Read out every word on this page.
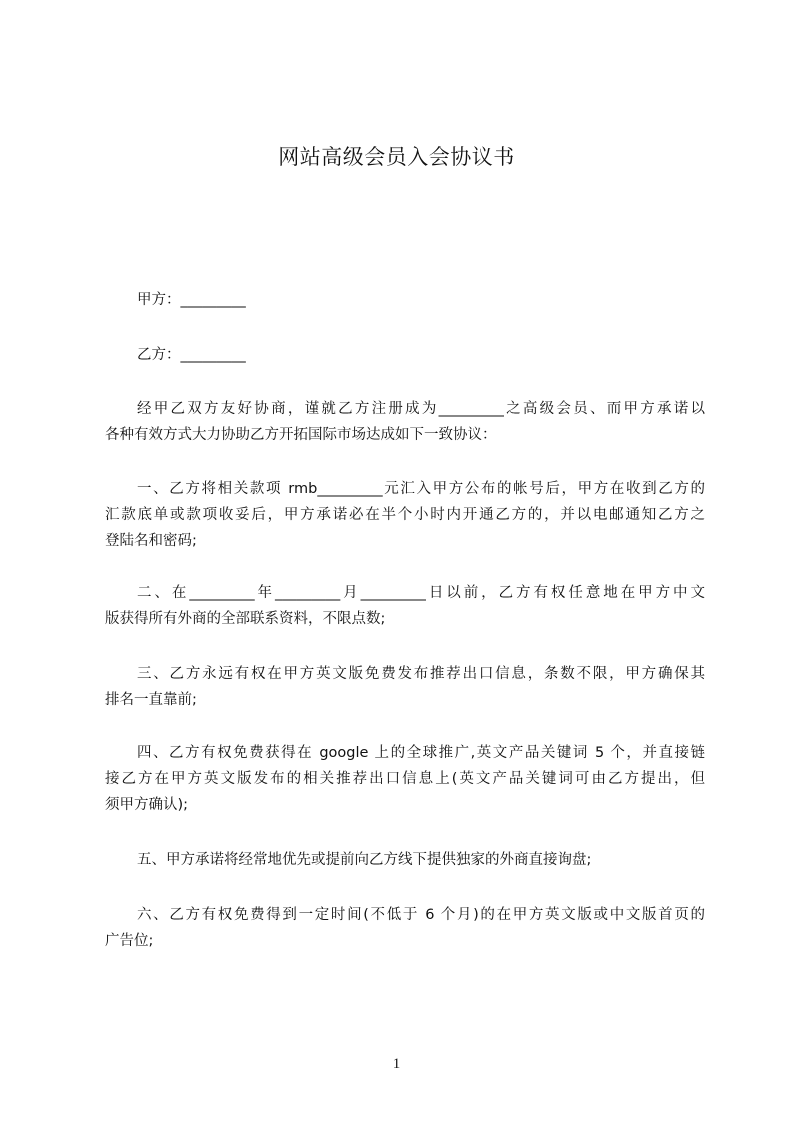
网站高级会员入会协议书
甲方：_________
乙方：_________
经甲乙双方友好协商，谨就乙方注册成为_________之高级会员、而甲方承诺以
各种有效方式大力协助乙方开拓国际市场达成如下一致协议：
一、乙方将相关款项 rmb_________元汇入甲方公布的帐号后，甲方在收到乙方的
汇款底单或款项收妥后，甲方承诺必在半个小时内开通乙方的，并以电邮通知乙方之
登陆名和密码;
二、在_________年_________月_________日以前，乙方有权任意地在甲方中文
版获得所有外商的全部联系资料，不限点数;
三、乙方永远有权在甲方英文版免费发布推荐出口信息，条数不限，甲方确保其
排名一直靠前;
四、乙方有权免费获得在 google 上的全球推广,英文产品关键词 5 个，并直接链
接乙方在甲方英文版发布的相关推荐出口信息上(英文产品关键词可由乙方提出，但
须甲方确认);
五、甲方承诺将经常地优先或提前向乙方线下提供独家的外商直接询盘;
六、乙方有权免费得到一定时间(不低于 6 个月)的在甲方英文版或中文版首页的
广告位;
1
